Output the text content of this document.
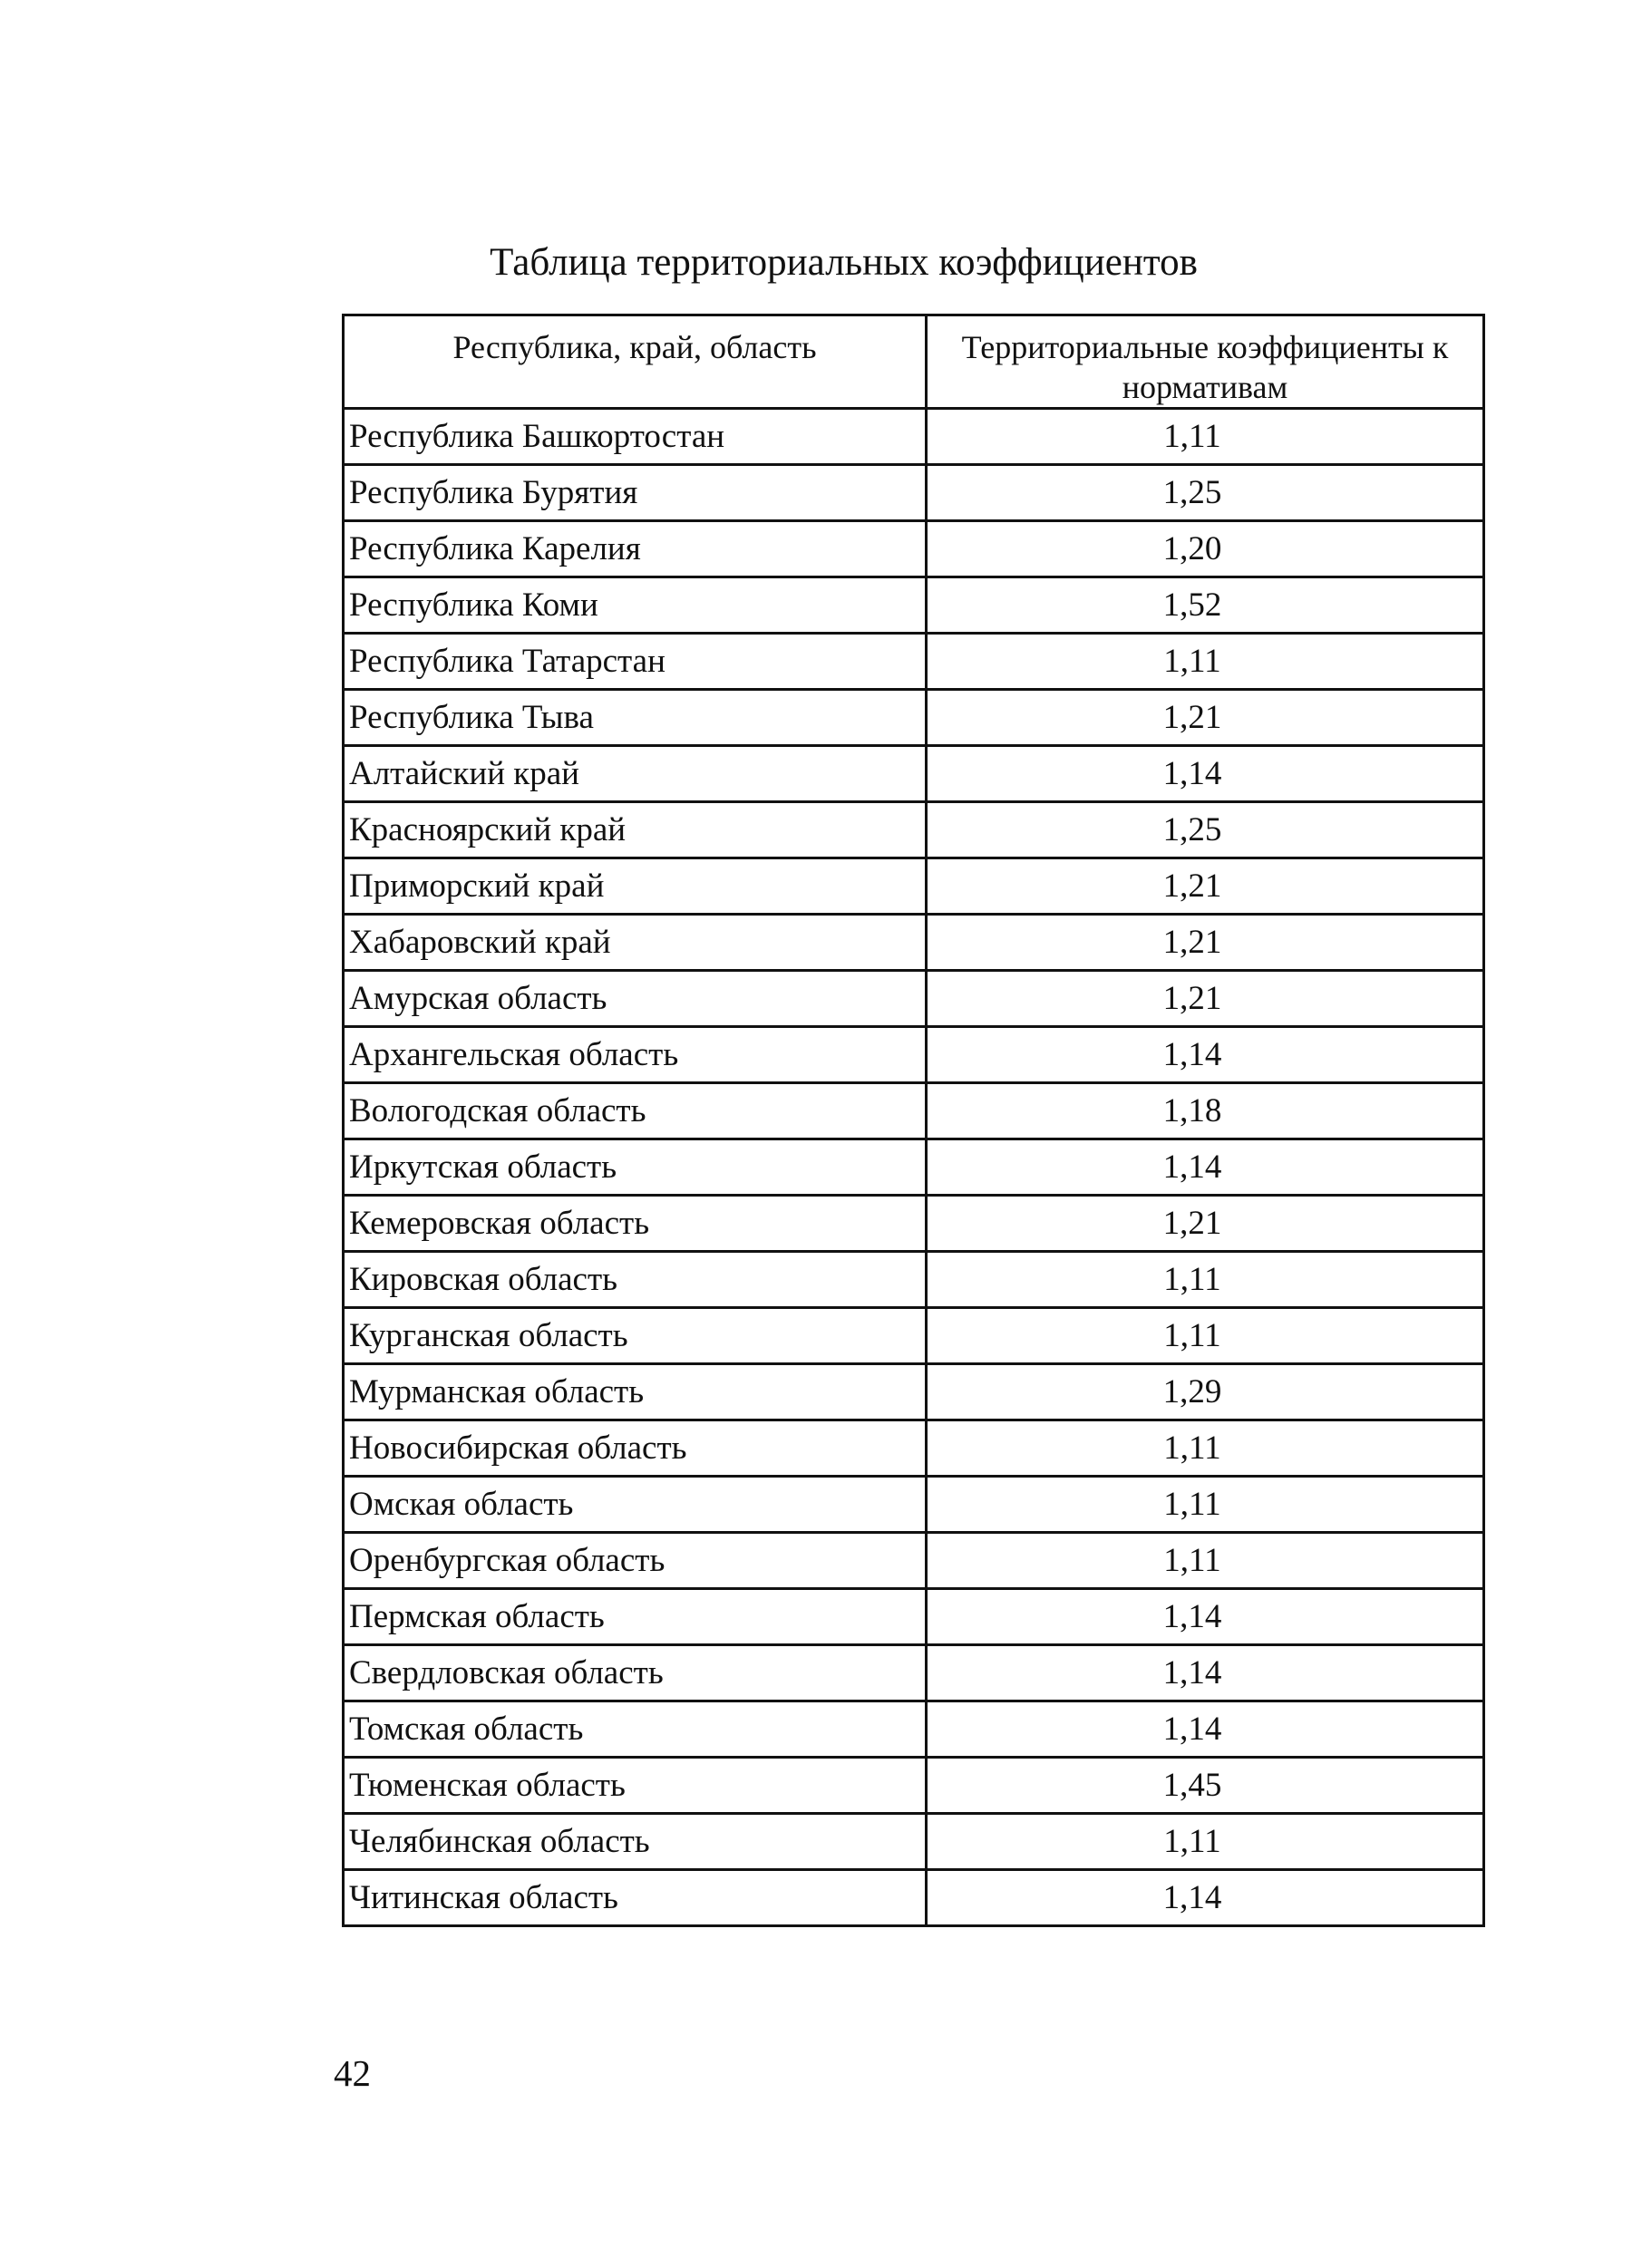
Таблица территориальных коэффициентов
Республика, край, область	Территориальные коэффициенты к нормативам
Республика Башкортостан	1,11
Республика Бурятия	1,25
Республика Карелия	1,20
Республика Коми	1,52
Республика Татарстан	1,11
Республика Тыва	1,21
Алтайский край	1,14
Красноярский край	1,25
Приморский край	1,21
Хабаровский край	1,21
Амурская область	1,21
Архангельская область	1,14
Вологодская область	1,18
Иркутская область	1,14
Кемеровская область	1,21
Кировская область	1,11
Курганская область	1,11
Мурманская область	1,29
Новосибирская область	1,11
Омская область	1,11
Оренбургская область	1,11
Пермская область	1,14
Свердловская область	1,14
Томская область	1,14
Тюменская область	1,45
Челябинская область	1,11
Читинская область	1,14
42
